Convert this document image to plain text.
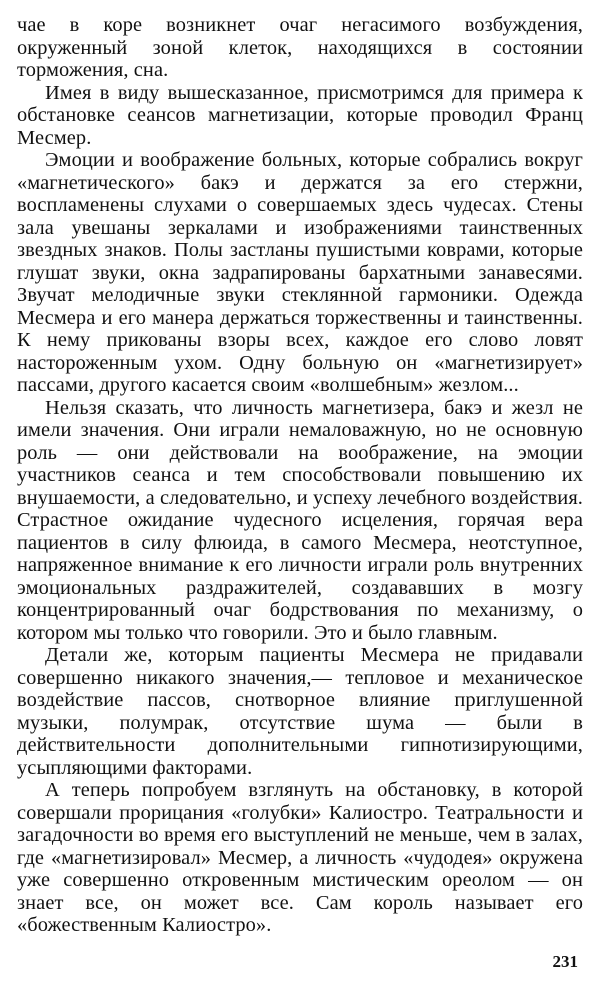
чае в коре возникнет очаг негасимого возбуждения, окруженный зоной клеток, находящихся в состоянии торможения, сна.

Имея в виду вышесказанное, присмотримся для примера к обстановке сеансов магнетизации, которые проводил Франц Месмер.

Эмоции и воображение больных, которые собрались вокруг «магнетического» бакэ и держатся за его стержни, воспламенены слухами о совершаемых здесь чудесах. Стены зала увешаны зеркалами и изображениями таинственных звездных знаков. Полы застланы пушистыми коврами, которые глушат звуки, окна задрапированы бархатными занавесями. Звучат мелодичные звуки стеклянной гармоники. Одежда Месмера и его манера держаться торжественны и таинственны. К нему прикованы взоры всех, каждое его слово ловят настороженным ухом. Одну больную он «магнетизирует» пассами, другого касается своим «волшебным» жезлом...

Нельзя сказать, что личность магнетизера, бакэ и жезл не имели значения. Они играли немаловажную, но не основную роль — они действовали на воображение, на эмоции участников сеанса и тем способствовали повышению их внушаемости, а следовательно, и успеху лечебного воздействия. Страстное ожидание чудесного исцеления, горячая вера пациентов в силу флюида, в самого Месмера, неотступное, напряженное внимание к его личности играли роль внутренних эмоциональных раздражителей, создававших в мозгу концентрированный очаг бодрствования по механизму, о котором мы только что говорили. Это и было главным.

Детали же, которым пациенты Месмера не придавали совершенно никакого значения,— тепловое и механическое воздействие пассов, снотворное влияние приглушенной музыки, полумрак, отсутствие шума — были в действительности дополнительными гипнотизирующими, усыпляющими факторами.

А теперь попробуем взглянуть на обстановку, в которой совершали прорицания «голубки» Калиостро. Театральности и загадочности во время его выступлений не меньше, чем в залах, где «магнетизировал» Месмер, а личность «чудодея» окружена уже совершенно откровенным мистическим ореолом — он знает все, он может все. Сам король называет его «божественным Калиостро».

231
